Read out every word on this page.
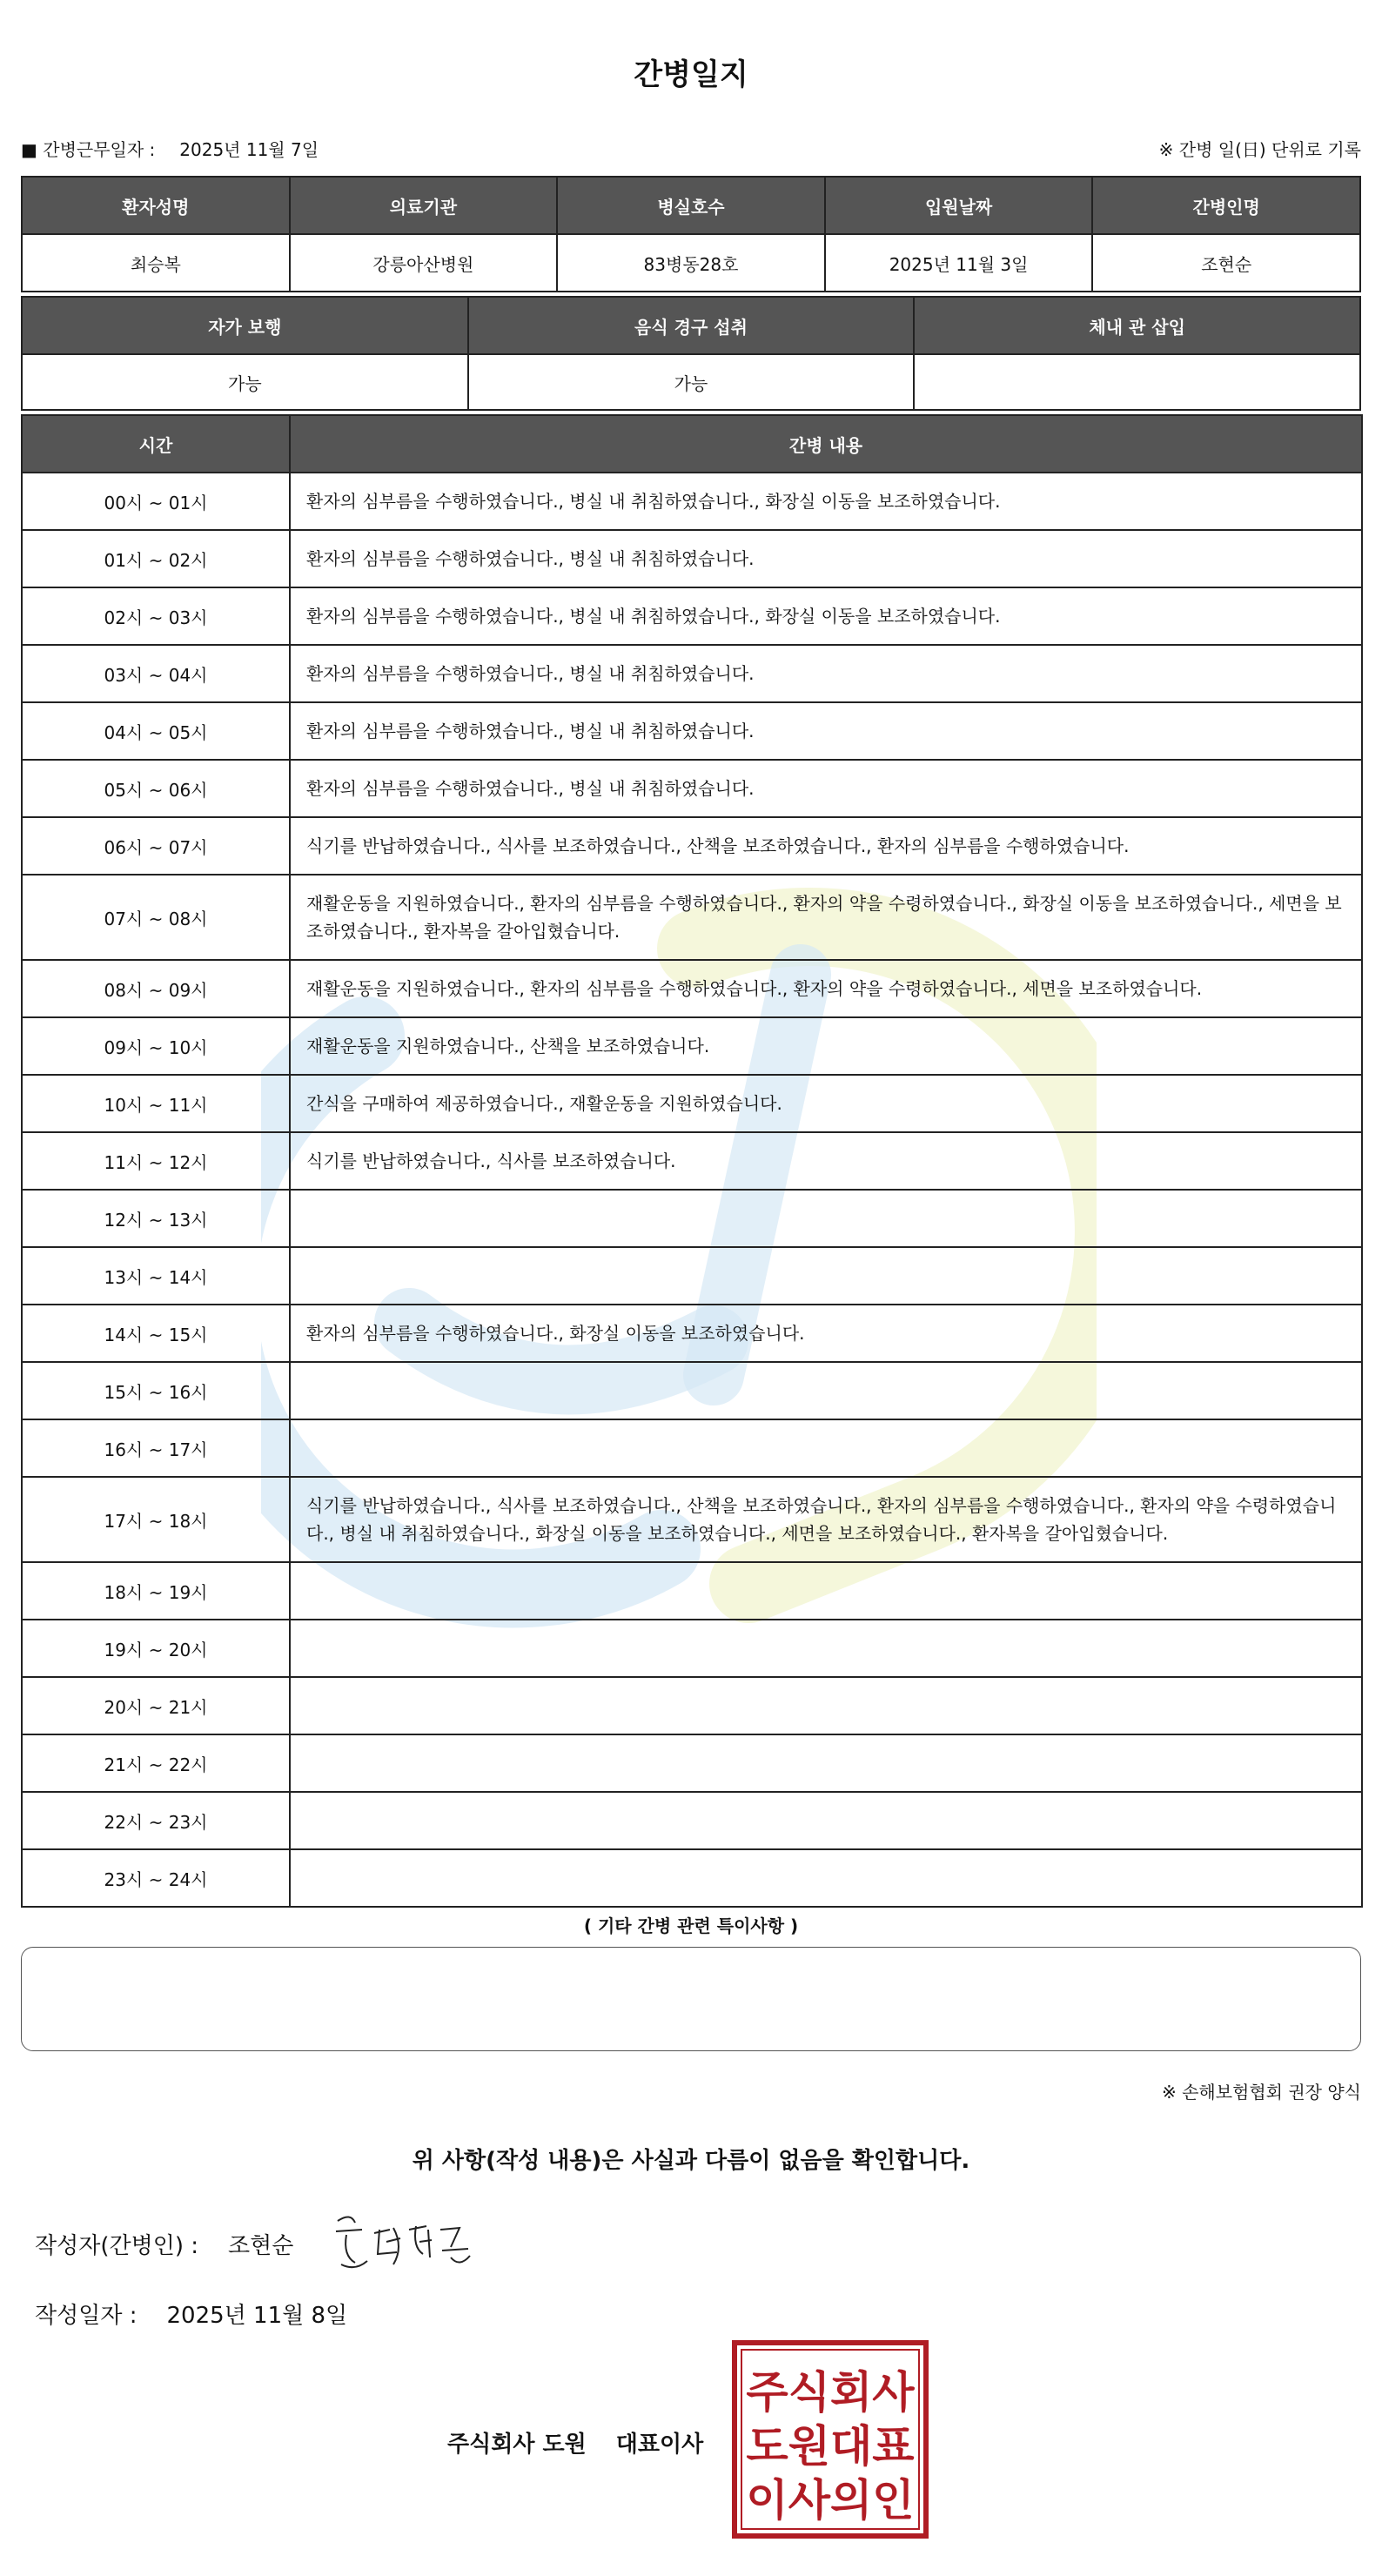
간병일지
■ 간병근무일자 : 2025년 11월 7일	※ 간병 일(日) 단위로 기록
환자성명	의료기관	병실호수	입원날짜	간병인명
최승복	강릉아산병원	83병동28호	2025년 11월 3일	조현순
자가 보행	음식 경구 섭취	체내 관 삽입
가능	가능	
시간	간병 내용
00시 ~ 01시	환자의 심부름을 수행하였습니다., 병실 내 취침하였습니다., 화장실 이동을 보조하였습니다.
01시 ~ 02시	환자의 심부름을 수행하였습니다., 병실 내 취침하였습니다.
02시 ~ 03시	환자의 심부름을 수행하였습니다., 병실 내 취침하였습니다., 화장실 이동을 보조하였습니다.
03시 ~ 04시	환자의 심부름을 수행하였습니다., 병실 내 취침하였습니다.
04시 ~ 05시	환자의 심부름을 수행하였습니다., 병실 내 취침하였습니다.
05시 ~ 06시	환자의 심부름을 수행하였습니다., 병실 내 취침하였습니다.
06시 ~ 07시	식기를 반납하였습니다., 식사를 보조하였습니다., 산책을 보조하였습니다., 환자의 심부름을 수행하였습니다.
07시 ~ 08시	재활운동을 지원하였습니다., 환자의 심부름을 수행하였습니다., 환자의 약을 수령하였습니다., 화장실 이동을 보조하였습니다., 세면을 보조하였습니다., 환자복을 갈아입혔습니다.
08시 ~ 09시	재활운동을 지원하였습니다., 환자의 심부름을 수행하였습니다., 환자의 약을 수령하였습니다., 세면을 보조하였습니다.
09시 ~ 10시	재활운동을 지원하였습니다., 산책을 보조하였습니다.
10시 ~ 11시	간식을 구매하여 제공하였습니다., 재활운동을 지원하였습니다.
11시 ~ 12시	식기를 반납하였습니다., 식사를 보조하였습니다.
12시 ~ 13시	
13시 ~ 14시	
14시 ~ 15시	환자의 심부름을 수행하였습니다., 화장실 이동을 보조하였습니다.
15시 ~ 16시	
16시 ~ 17시	
17시 ~ 18시	식기를 반납하였습니다., 식사를 보조하였습니다., 산책을 보조하였습니다., 환자의 심부름을 수행하였습니다., 환자의 약을 수령하였습니다., 병실 내 취침하였습니다., 화장실 이동을 보조하였습니다., 세면을 보조하였습니다., 환자복을 갈아입혔습니다.
18시 ~ 19시	
19시 ~ 20시	
20시 ~ 21시	
21시 ~ 22시	
22시 ~ 23시	
23시 ~ 24시	
( 기타 간병 관련 특이사항 )
※ 손해보험협회 권장 양식
위 사항(작성 내용)은 사실과 다름이 없음을 확인합니다.
작성자(간병인) : 조현순
작성일자 : 2025년 11월 8일
주식회사 도원 대표이사
주식회사
도원대표
이사의인
